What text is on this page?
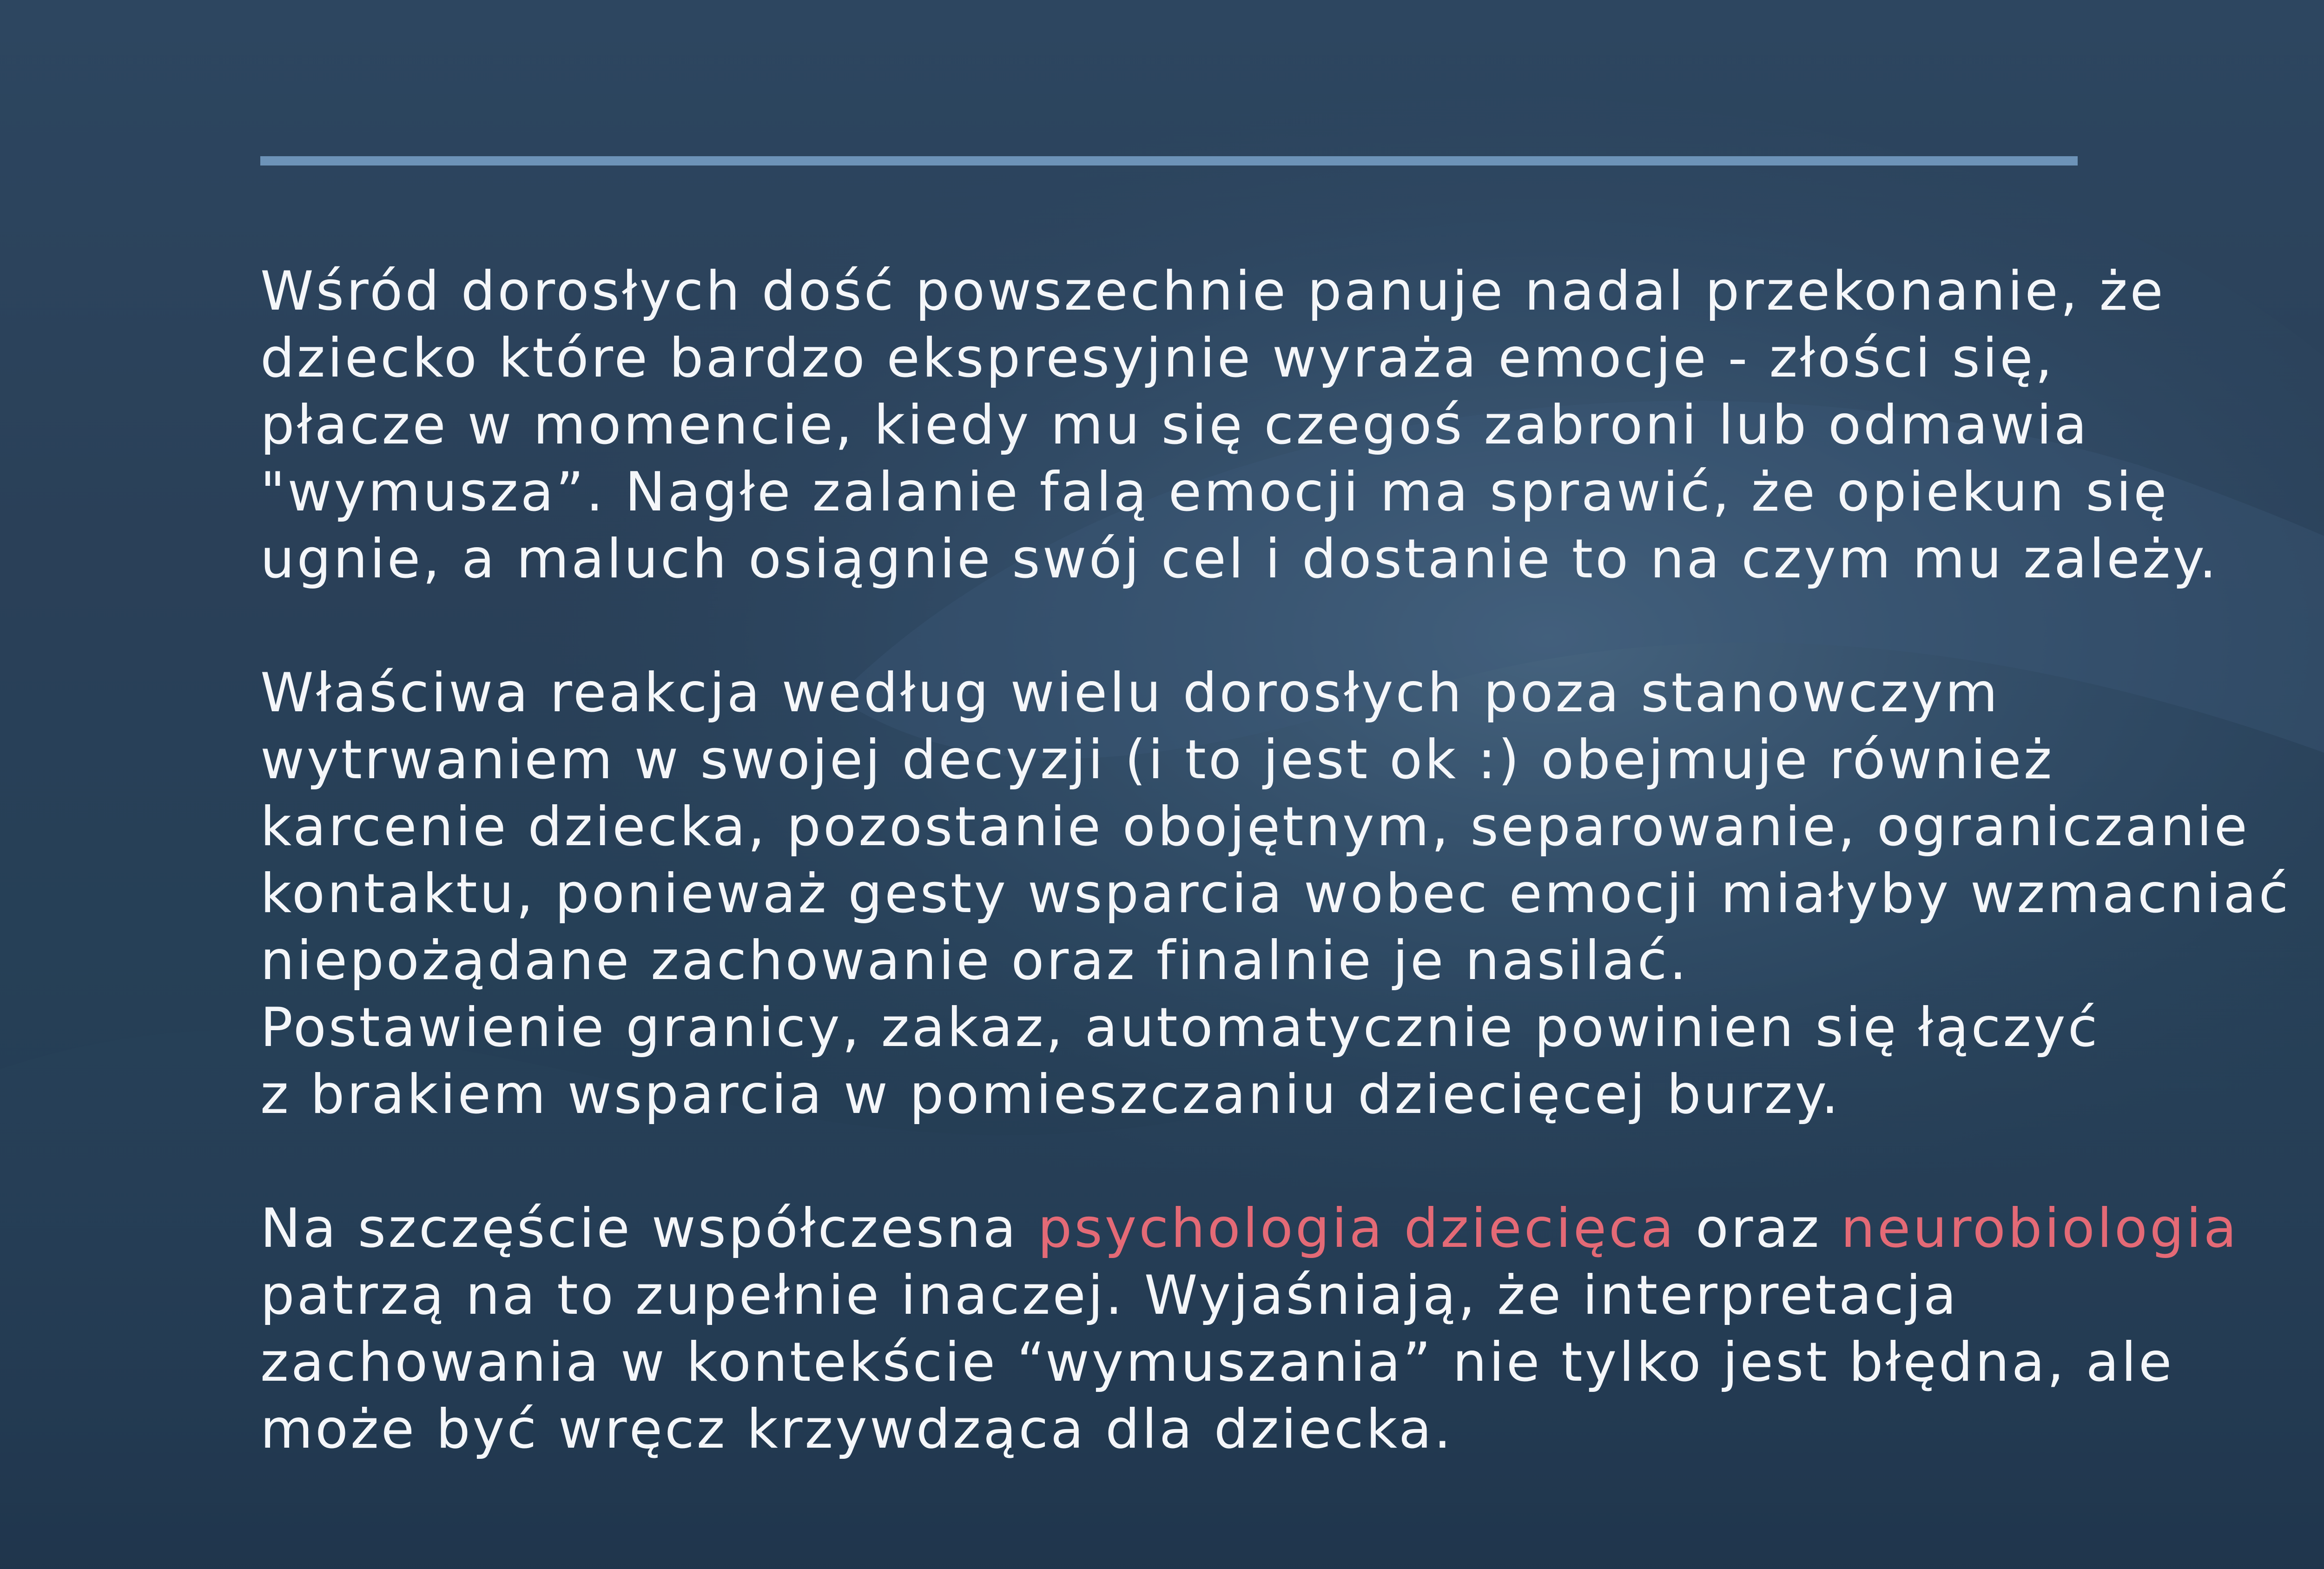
Wśród dorosłych dość powszechnie panuje nadal przekonanie, że
dziecko które bardzo ekspresyjnie wyraża emocje - złości się,
płacze w momencie, kiedy mu się czegoś zabroni lub odmawia
"wymusza”. Nagłe zalanie falą emocji ma sprawić, że opiekun się
ugnie, a maluch osiągnie swój cel i dostanie to na czym mu zależy.
Właściwa reakcja według wielu dorosłych poza stanowczym
wytrwaniem w swojej decyzji (i to jest ok :) obejmuje również
karcenie dziecka, pozostanie obojętnym, separowanie, ograniczanie
kontaktu, ponieważ gesty wsparcia wobec emocji miałyby wzmacniać
niepożądane zachowanie oraz finalnie je nasilać.
Postawienie granicy, zakaz, automatycznie powinien się łączyć
z brakiem wsparcia w pomieszczaniu dziecięcej burzy.
Na szczęście współczesna psychologia dziecięca oraz neurobiologia
patrzą na to zupełnie inaczej. Wyjaśniają, że interpretacja
zachowania w kontekście “wymuszania” nie tylko jest błędna, ale
może być wręcz krzywdząca dla dziecka.
